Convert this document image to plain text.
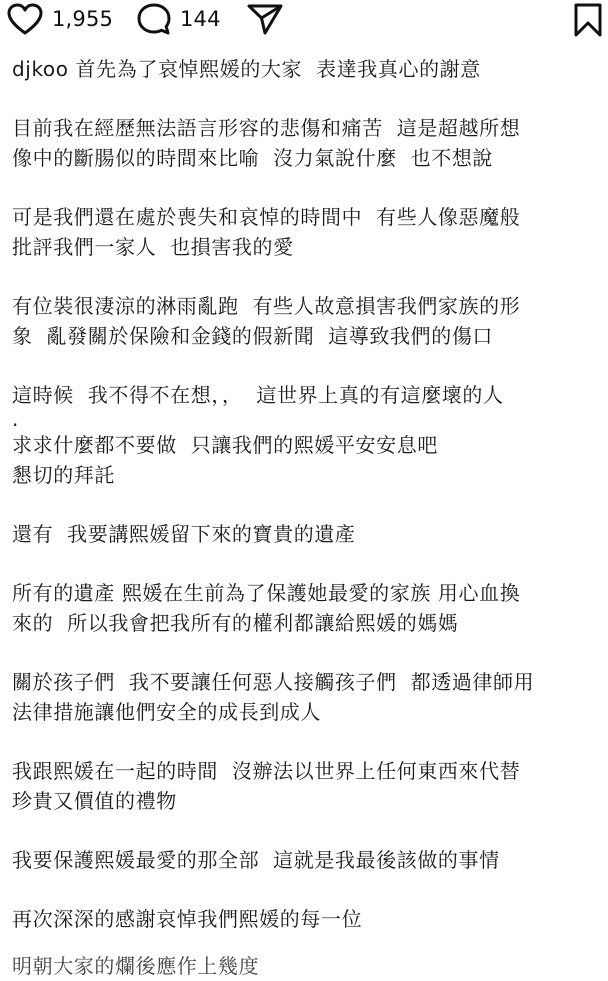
1,955	144

djkoo 首先為了哀悼熙媛的大家  表達我真心的謝意

目前我在經歷無法語言形容的悲傷和痛苦  這是超越所想
像中的斷腸似的時間來比喻  沒力氣說什麼  也不想說

可是我們還在處於喪失和哀悼的時間中  有些人像惡魔般
批評我們一家人  也損害我的愛

有位裝很淒涼的淋雨亂跑  有些人故意損害我們家族的形
象  亂發關於保險和金錢的假新聞  這導致我們的傷口

這時候  我不得不在想，，  這世界上真的有這麼壞的人

.

求求什麼都不要做  只讓我們的熙媛平安安息吧
懇切的拜託

還有  我要講熙媛留下來的寶貴的遺產

所有的遺產 熙媛在生前為了保護她最愛的家族 用心血換
來的  所以我會把我所有的權利都讓給熙媛的媽媽

關於孩子們  我不要讓任何惡人接觸孩子們  都透過律師用
法律措施讓他們安全的成長到成人

我跟熙媛在一起的時間  沒辦法以世界上任何東西來代替
珍貴又價值的禮物

我要保護熙媛最愛的那全部  這就是我最後該做的事情

再次深深的感謝哀悼我們熙媛的每一位

明朝大家的爛後應作上幾度
